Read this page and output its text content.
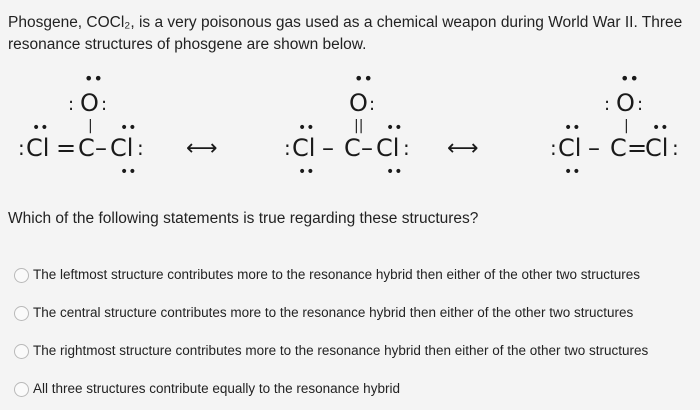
Phosgene, COCl₂, is a very poisonous gas used as a chemical weapon during World War II. Three resonance structures of phosgene are shown below.
••
: O :
|
••	••
: Cl = C – Cl :
••
⟷
••
O :
||
••	••
: Cl – C – Cl :
••	••
⟷
••
: O :
|
••	••
: Cl – C =
Cl :
••
Which of the following statements is true regarding these structures?
The leftmost structure contributes more to the resonance hybrid then either of the other two structures
The central structure contributes more to the resonance hybrid then either of the other two structures
The rightmost structure contributes more to the resonance hybrid then either of the other two structures
All three structures contribute equally to the resonance hybrid
